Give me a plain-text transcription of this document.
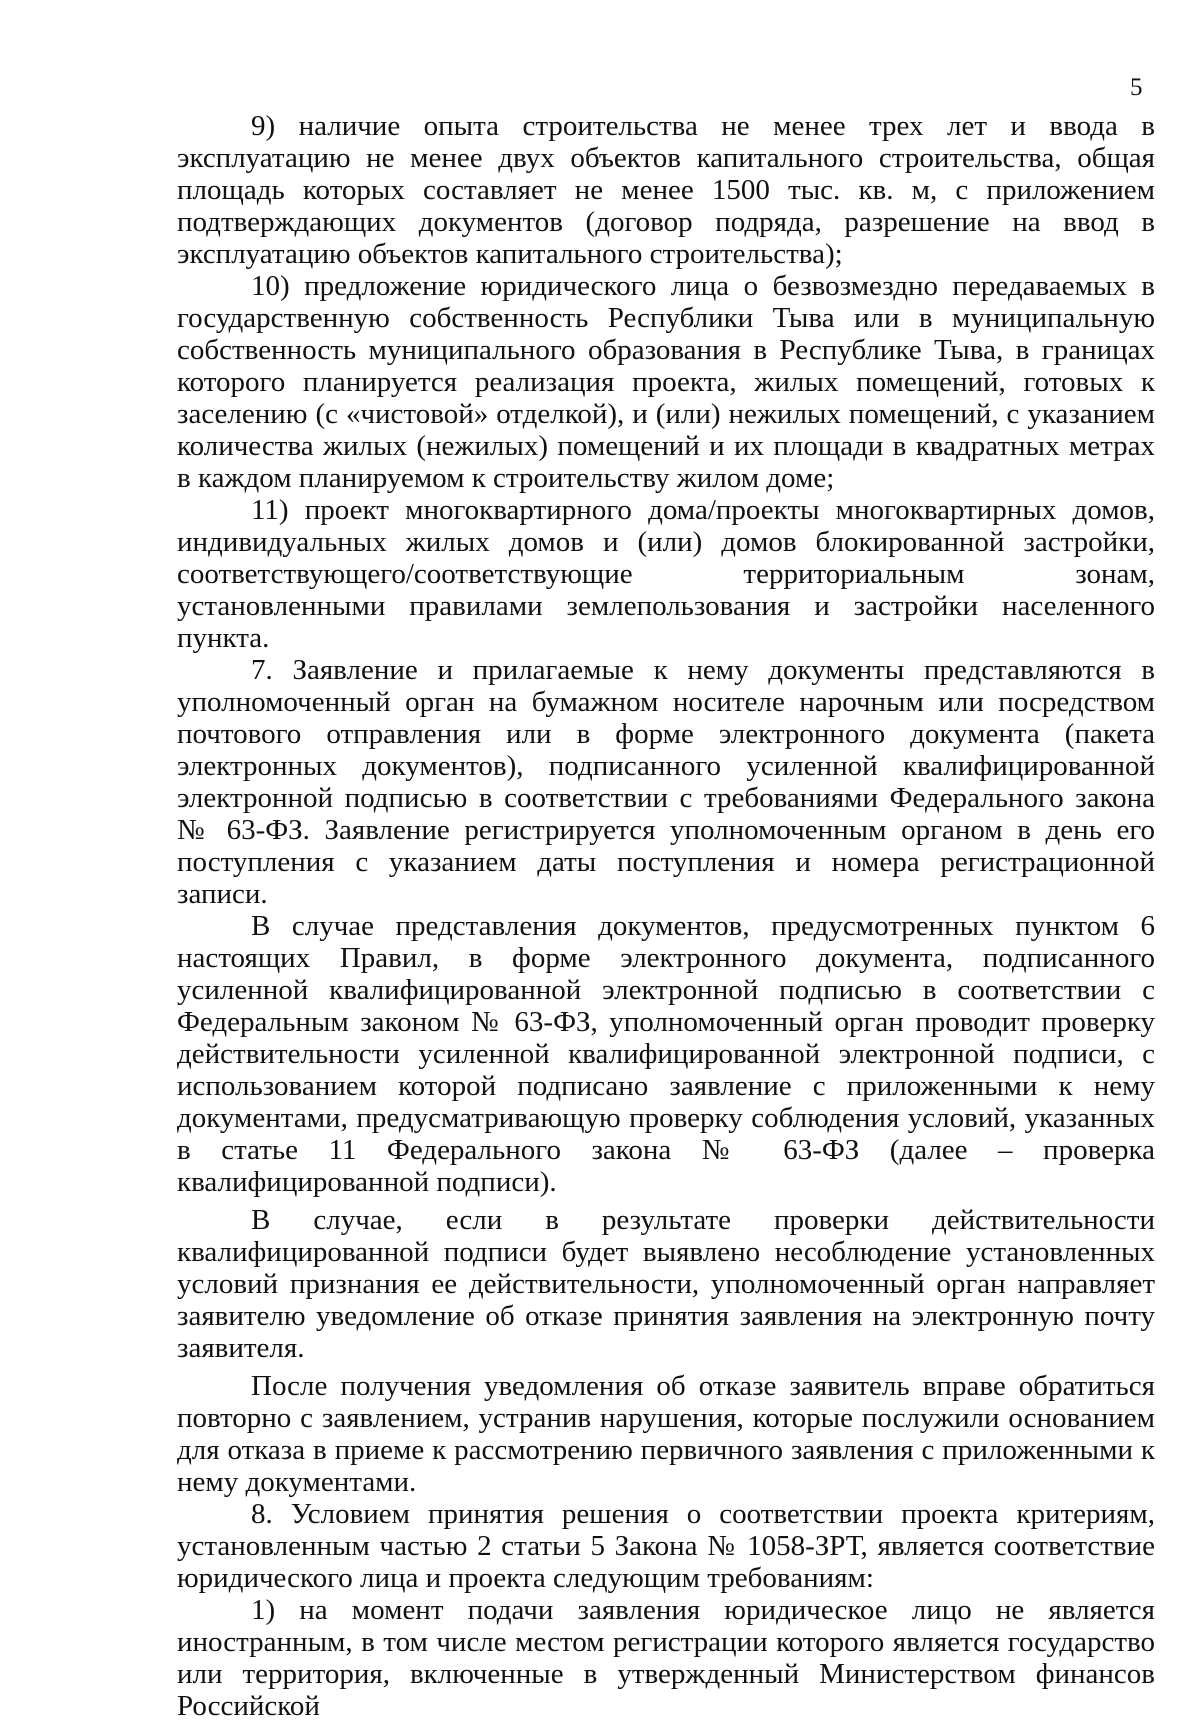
5

9) наличие опыта строительства не менее трех лет и ввода в эксплуатацию не менее двух объектов капитального строительства, общая площадь которых составляет не менее 1500 тыс. кв. м, с приложением подтверждающих документов (договор подряда, разрешение на ввод в эксплуатацию объектов капитального строительства);

10) предложение юридического лица о безвозмездно передаваемых в государственную собственность Республики Тыва или в муниципальную собственность муниципального образования в Республике Тыва, в границах которого планируется реализация проекта, жилых помещений, готовых к заселению (с «чистовой» отделкой), и (или) нежилых помещений, с указанием количества жилых (нежилых) помещений и их площади в квадратных метрах в каждом планируемом к строительству жилом доме;

11) проект многоквартирного дома/проекты многоквартирных домов, индивидуальных жилых домов и (или) домов блокированной застройки, соответствующего/соответствующие территориальным зонам, установленными правилами землепользования и застройки населенного пункта.

7. Заявление и прилагаемые к нему документы представляются в уполномоченный орган на бумажном носителе нарочным или посредством почтового отправления или в форме электронного документа (пакета электронных документов), подписанного усиленной квалифицированной электронной подписью в соответствии с требованиями Федерального закона № 63-ФЗ. Заявление регистрируется уполномоченным органом в день его поступления с указанием даты поступления и номера регистрационной записи.

В случае представления документов, предусмотренных пунктом 6 настоящих Правил, в форме электронного документа, подписанного усиленной квалифицированной электронной подписью в соответствии с Федеральным законом № 63-ФЗ, уполномоченный орган проводит проверку действительности усиленной квалифицированной электронной подписи, с использованием которой подписано заявление с приложенными к нему документами, предусматривающую проверку соблюдения условий, указанных в статье 11 Федерального закона № 63-ФЗ (далее – проверка квалифицированной подписи).

В случае, если в результате проверки действительности квалифицированной подписи будет выявлено несоблюдение установленных условий признания ее действительности, уполномоченный орган направляет заявителю уведомление об отказе принятия заявления на электронную почту заявителя.

После получения уведомления об отказе заявитель вправе обратиться повторно с заявлением, устранив нарушения, которые послужили основанием для отказа в приеме к рассмотрению первичного заявления с приложенными к нему документами.

8. Условием принятия решения о соответствии проекта критериям, установленным частью 2 статьи 5 Закона № 1058-ЗРТ, является соответствие юридического лица и проекта следующим требованиям:

1) на момент подачи заявления юридическое лицо не является иностранным, в том числе местом регистрации которого является государство или территория, включенные в утвержденный Министерством финансов Российской
